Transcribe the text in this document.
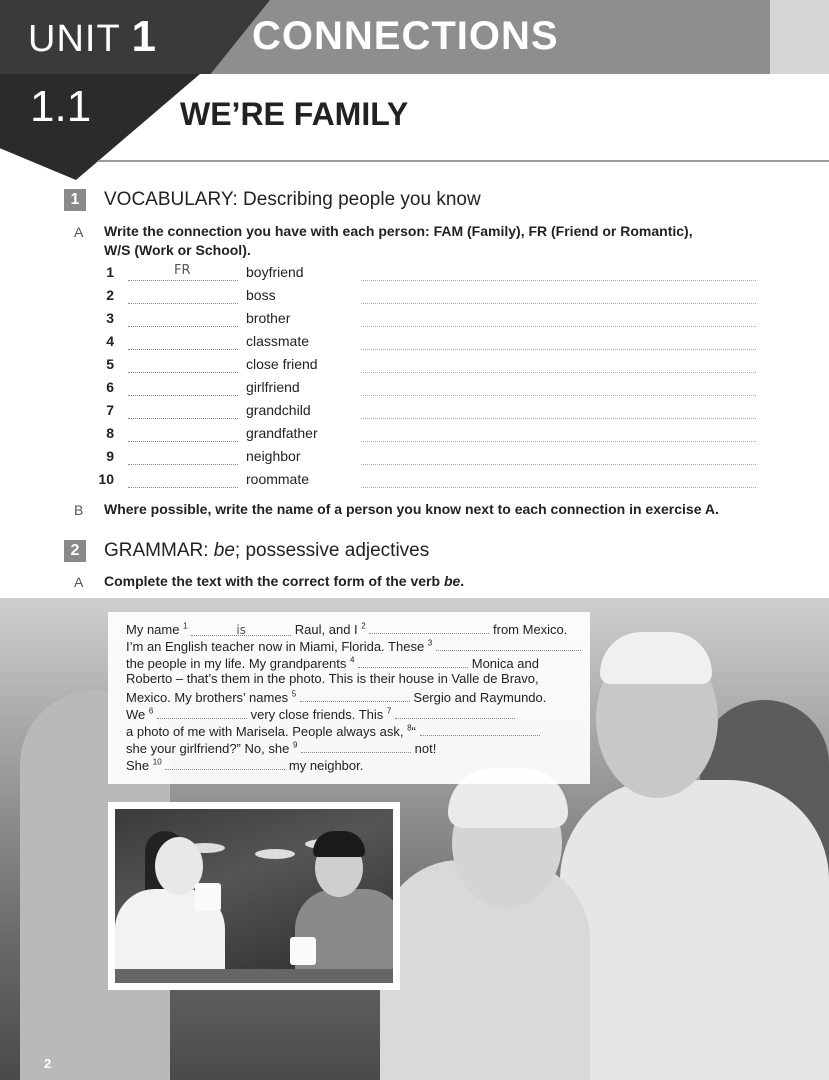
UNIT 1 CONNECTIONS
1.1	WE’RE FAMILY
1	VOCABULARY: Describing people you know
A Write the connection you have with each person: FAM (Family), FR (Friend or Romantic),
W/S (Work or School).
1	FR	boyfriend
2	boss
3	brother
4	classmate
5	close friend
6	girlfriend
7	grandchild
8	grandfather
9	neighbor
10	roommate
B Where possible, write the name of a person you know next to each connection in exercise A.
2	GRAMMAR: be; possessive adjectives
A Complete the text with the correct form of the verb be.
My name $^1$	is	Raul, and I $^2$	from Mexico.
I’m an English teacher now in Miami, Florida. These $^3$
the people in my life. My grandparents $^4$	Monica and
Roberto – that’s them in the photo. This is their house in Valle de Bravo,
Mexico. My brothers’ names $^5$	Sergio and Raymundo.
We $^6$	very close friends. This $^7$
a photo of me with Marisela. People always ask, $^8$“
she your girlfriend?” No, she $^9$	not!
She $^{10}$	my neighbor.
2
